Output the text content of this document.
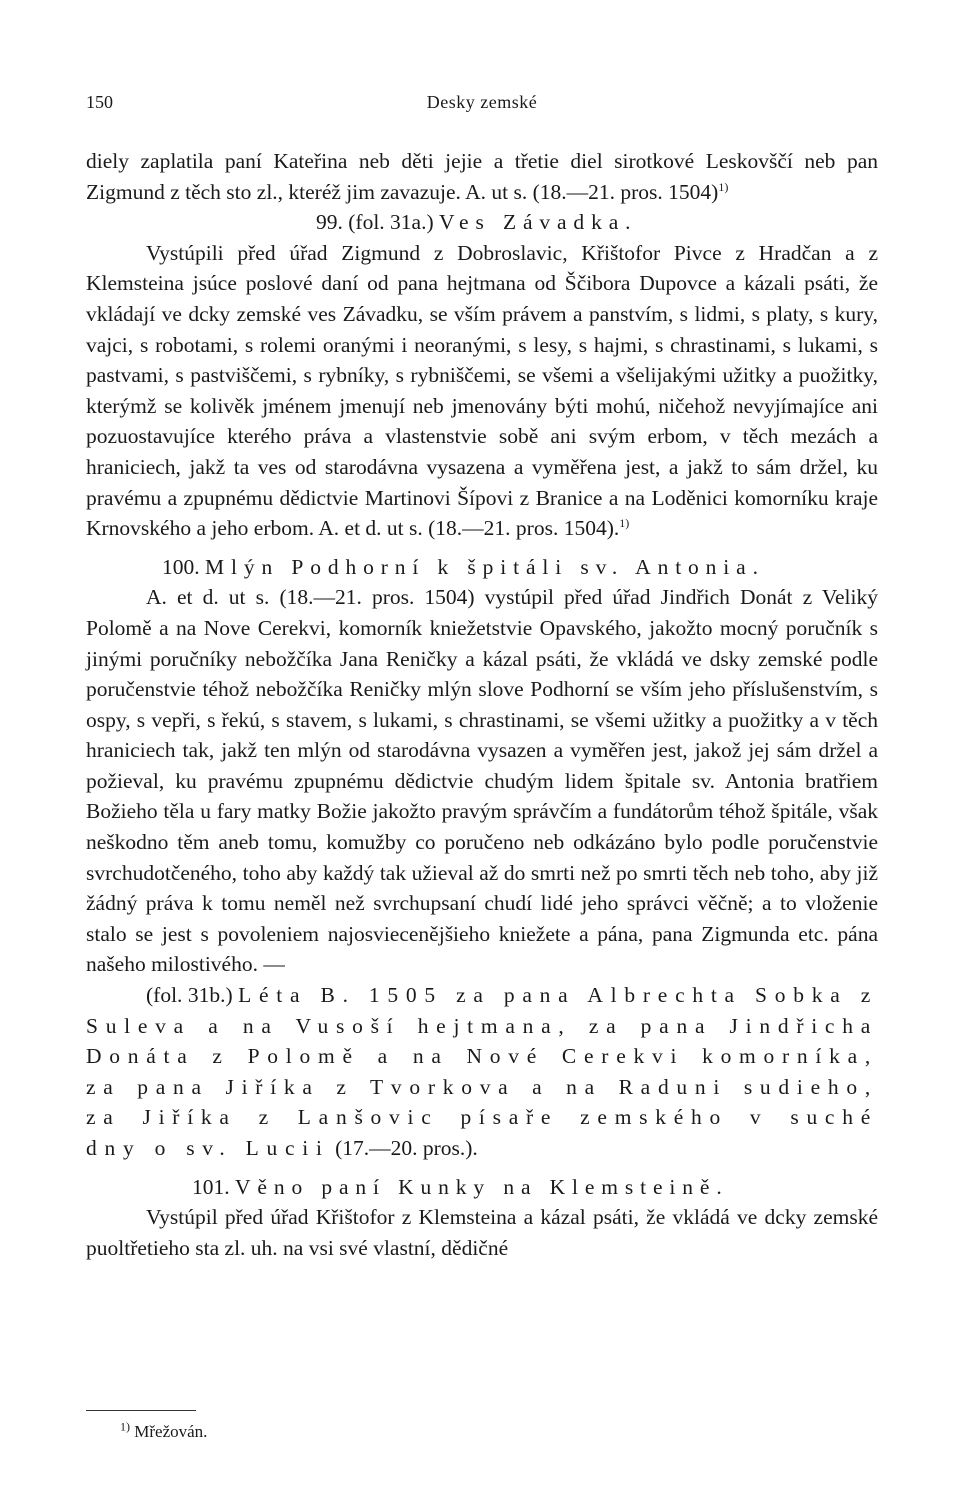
150	Desky zemské

diely zaplatila paní Kateřina neb děti jejie a třetie diel sirotkové Leskovščí neb pan Zigmund z těch sto zl., kteréž jim zavazuje. A. ut s. (18.—21. pros. 1504)$^{1)}$

99. (fol. 31a.) Ves Závadka.

Vystúpili před úřad Zigmund z Dobroslavic, Křištofor Pivce z Hradčan a z Klemsteina jsúce poslové daní od pana hejtmana od Ščibora Dupovce a kázali psáti, že vkládají ve dcky zemské ves Závadku, se vším právem a panstvím, s lidmi, s platy, s kury, vajci, s robotami, s rolemi oranými i neoranými, s lesy, s hajmi, s chrastinami, s lukami, s pastvami, s pastviščemi, s rybníky, s rybniščemi, se všemi a všelijakými užitky a puožitky, kterýmž se kolivěk jménem jmenují neb jmenovány býti mohú, ničehož nevyjímajíce ani pozuostavujíce kterého práva a vlastenstvie sobě ani svým erbom, v těch mezách a hraniciech, jakž ta ves od starodávna vysazena a vyměřena jest, a jakž to sám držel, ku pravému a zpupnému dědictvie Martinovi Šípovi z Branice a na Loděnici komorníku kraje Krnovského a jeho erbom. A. et d. ut s. (18.—21. pros. 1504).$^{1)}$

100. Mlýn Podhorní k špitáli sv. Antonia.

A. et d. ut s. (18.—21. pros. 1504) vystúpil před úřad Jindřich Donát z Veliký Polomě a na Nove Cerekvi, komorník kniežetstvie Opavského, jakožto mocný poručník s jinými poručníky nebožčíka Jana Reničky a kázal psáti, že vkládá ve dsky zemské podle poručenstvie téhož nebožčíka Reničky mlýn slove Podhorní se vším jeho příslušenstvím, s ospy, s vepři, s řekú, s stavem, s lukami, s chrastinami, se všemi užitky a puožitky a v těch hraniciech tak, jakž ten mlýn od starodávna vysazen a vyměřen jest, jakož jej sám držel a požieval, ku pravému zpupnému dědictvie chudým lidem špitale sv. Antonia bratřiem Božieho těla u fary matky Božie jakožto pravým správčím a fundátorům téhož špitále, však neškodno těm aneb tomu, komužby co poručeno neb odkázáno bylo podle poručenstvie svrchudotčeného, toho aby každý tak užieval až do smrti než po smrti těch neb toho, aby již žádný práva k tomu neměl než svrchupsaní chudí lidé jeho správci věčně; a to vloženie stalo se jest s povoleniem najosviecenějšieho kniežete a pána, pana Zigmunda etc. pána našeho milostivého. —

(fol. 31b.) Léta B. 1505 za pana Albrechta Sobka z Suleva a na Vusoší hejtmana, za pana Jindřicha Donáta z Polomě a na Nové Cerekvi komorníka, za pana Jiříka z Tvorkova a na Raduni sudieho, za Jiříka z Lanšovic písaře zemského v suché dny o sv. Lucii (17.—20. pros.).

101. Věno paní Kunky na Klemsteině.

Vystúpil před úřad Křištofor z Klemsteina a kázal psáti, že vkládá ve dcky zemské puoltřetieho sta zl. uh. na vsi své vlastní, dědičné

$^{1)}$ Mřežován.
